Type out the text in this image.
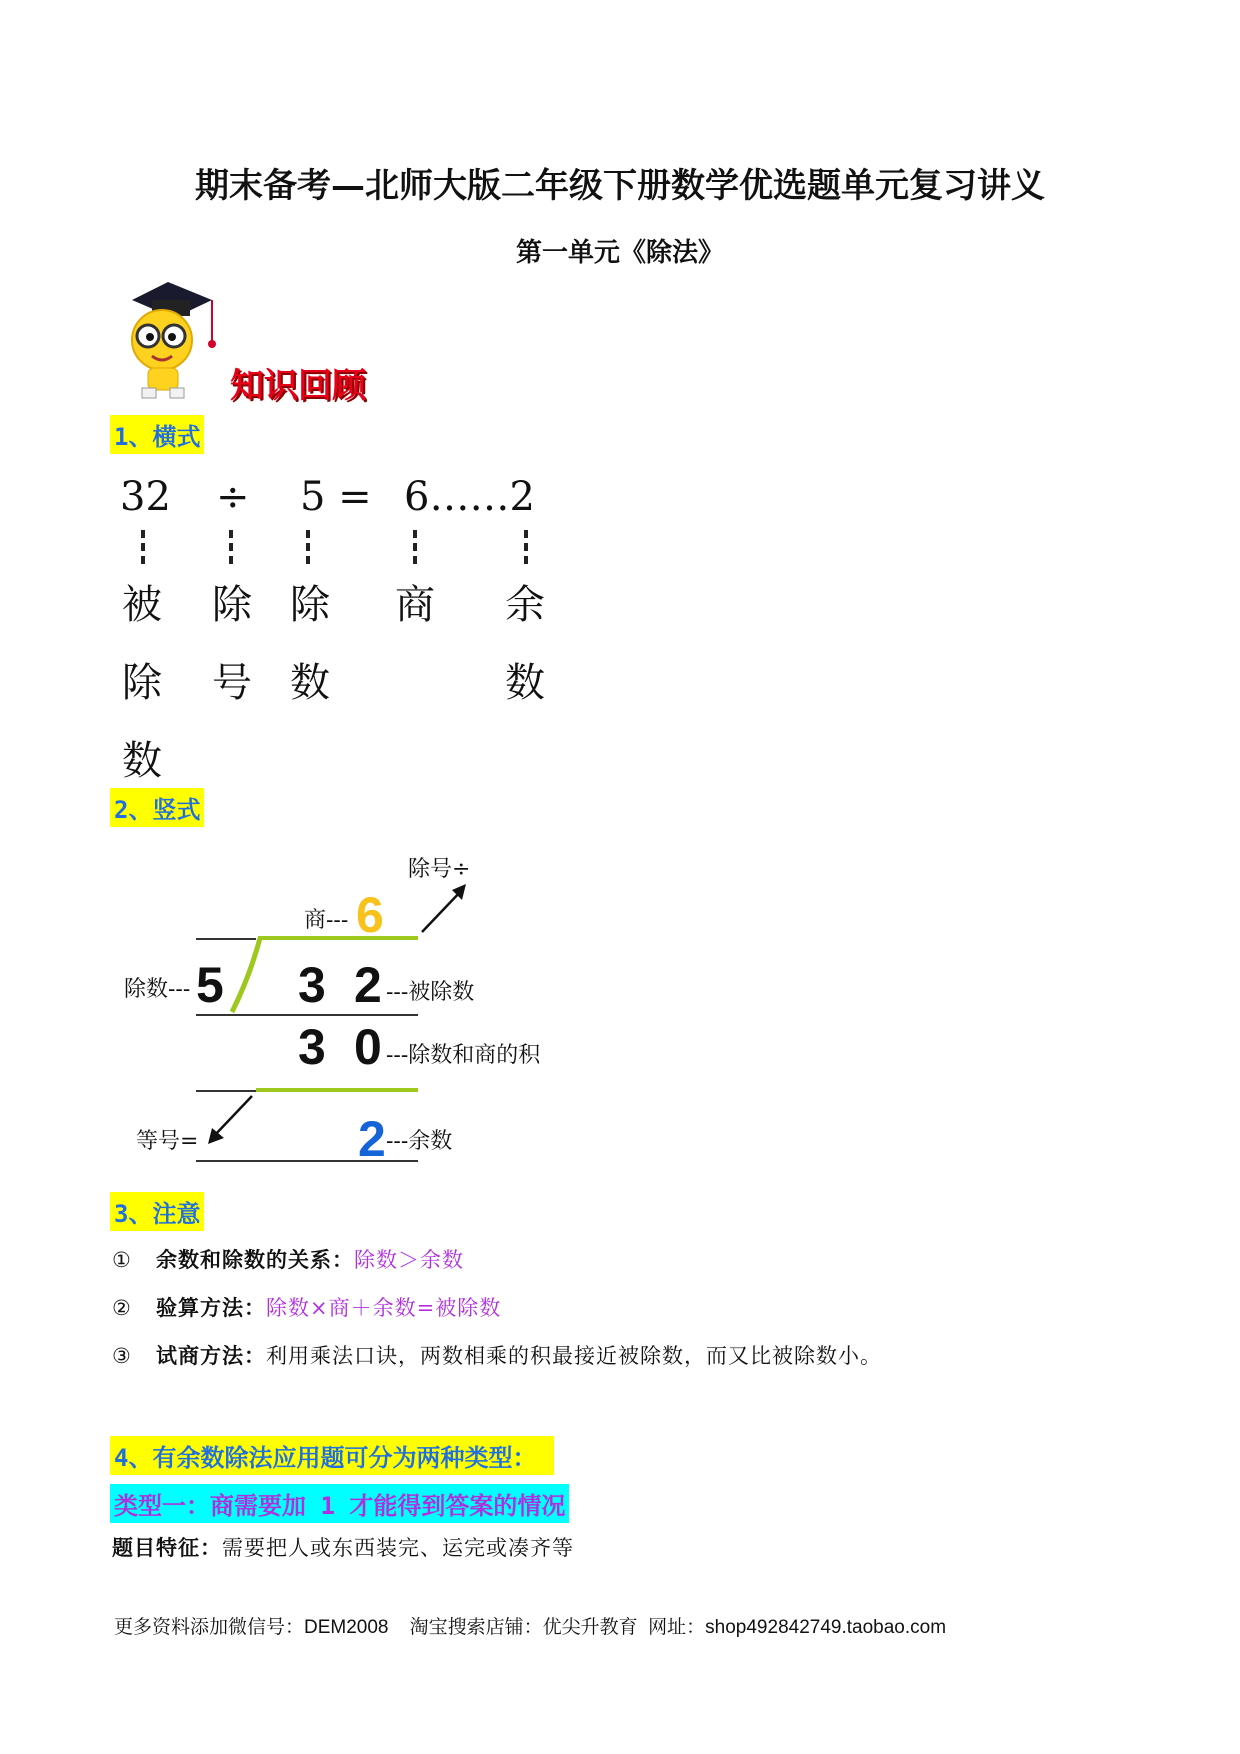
期末备考—北师大版二年级下册数学优选题单元复习讲义
第一单元《除法》
知识回顾
1、横式
32 ÷ 5 = 6……2
被
除
数
除
号
除
数
商 余
数
2、竖式
除号÷
商--- 6
除数--- 5 3 2 ---被除数
3 0 ---除数和商的积
等号=	2 ---余数
3、注意
① 余数和除数的关系：除数＞余数
② 验算方法：除数×商＋余数=被除数
③ 试商方法：利用乘法口诀，两数相乘的积最接近被除数，而又比被除数小。
4、有余数除法应用题可分为两种类型：
类型一：商需要加 1 才能得到答案的情况
题目特征：需要把人或东西装完、运完或凑齐等
更多资料添加微信号：DEM2008    淘宝搜索店铺：优尖升教育  网址：shop492842749.taobao.com
